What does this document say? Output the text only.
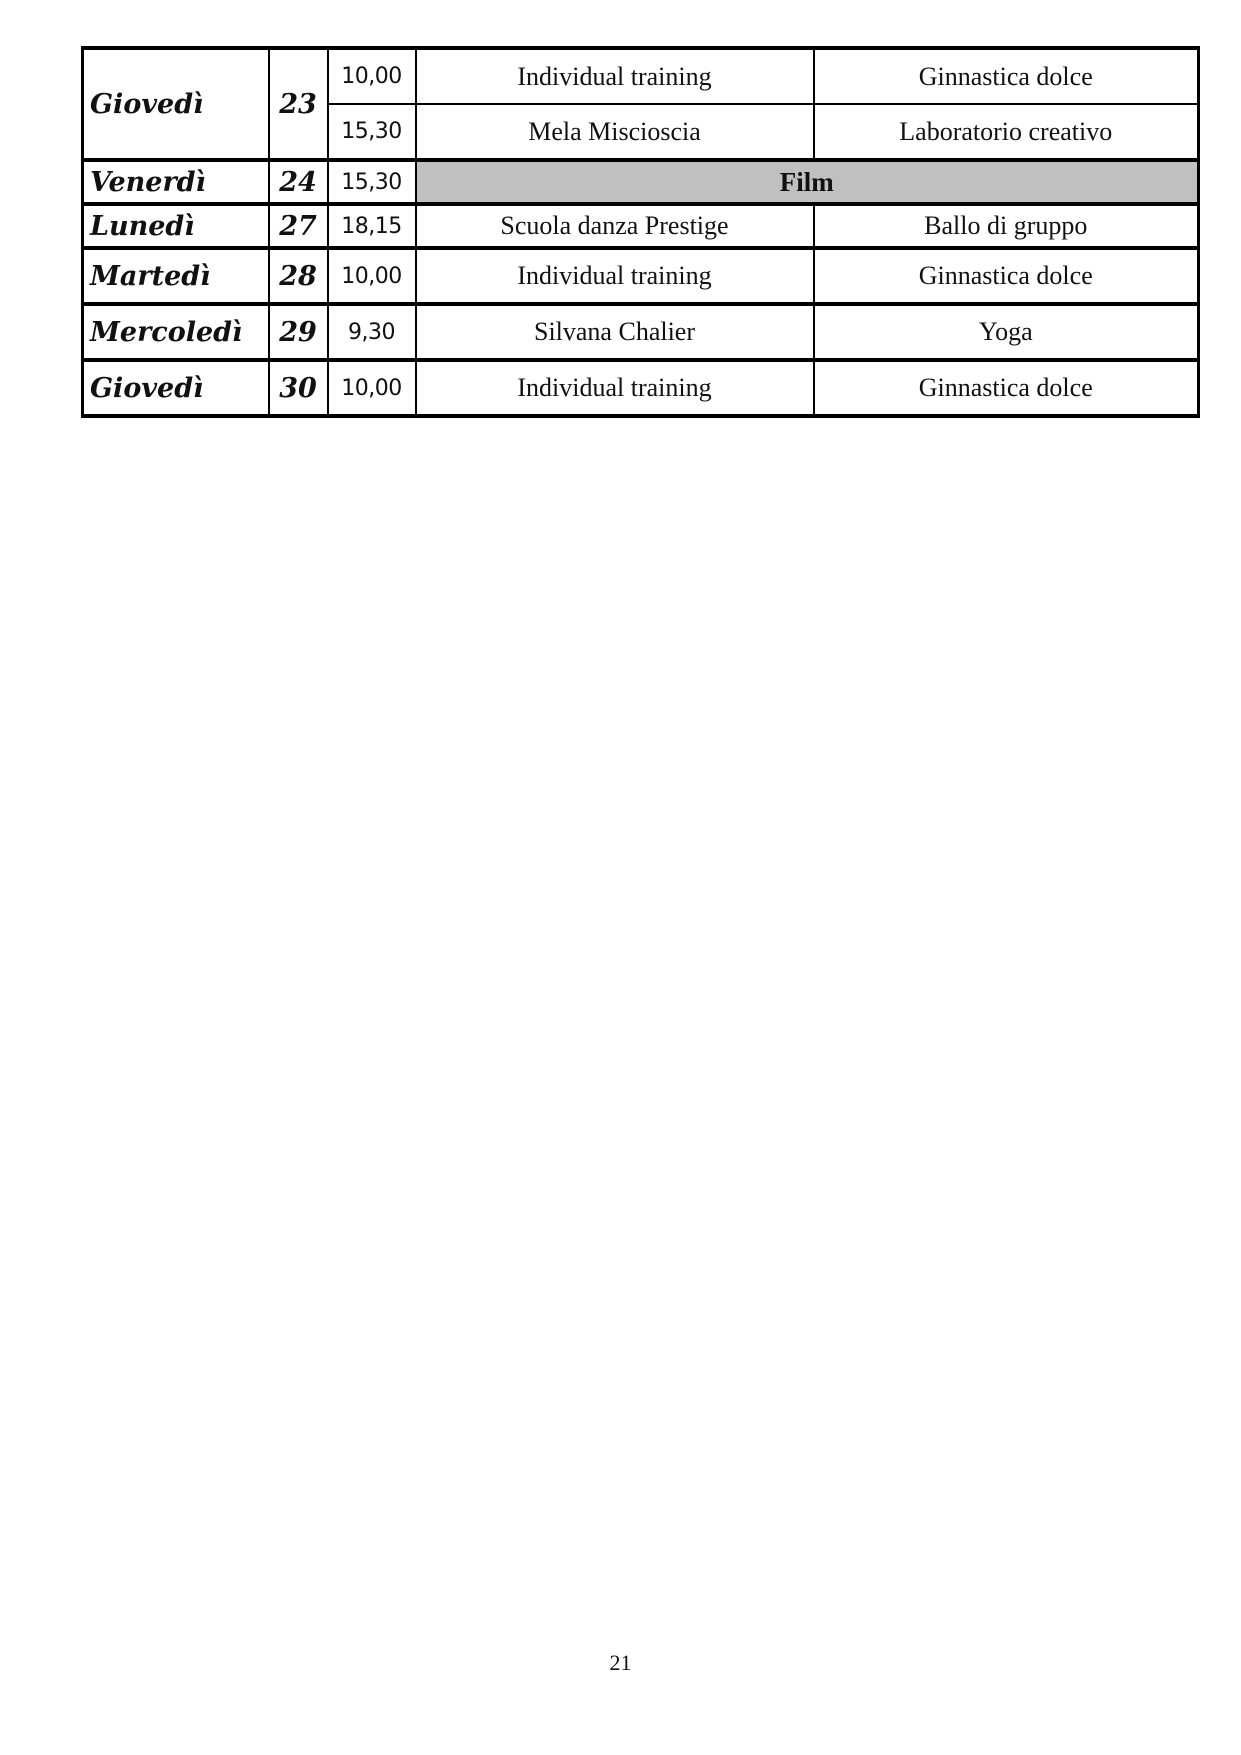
Giovedì	23	10,00	Individual training	Ginnastica dolce
		15,30	Mela Miscioscia	Laboratorio creativo
Venerdì	24	15,30	Film	
Lunedì	27	18,15	Scuola danza Prestige	Ballo di gruppo
Martedì	28	10,00	Individual training	Ginnastica dolce
Mercoledì	29	9,30	Silvana Chalier	Yoga
Giovedì	30	10,00	Individual training	Ginnastica dolce
21
